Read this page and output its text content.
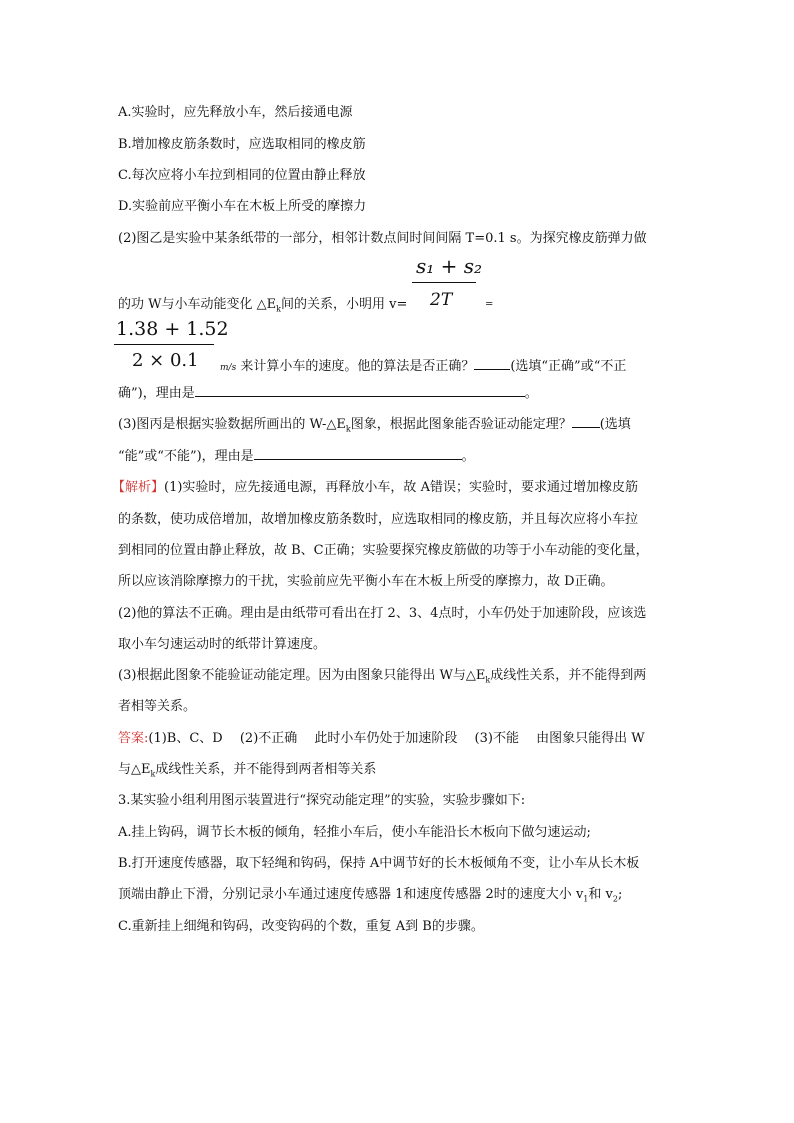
A.实验时，应先释放小车，然后接通电源
B.增加橡皮筋条数时，应选取相同的橡皮筋
C.每次应将小车拉到相同的位置由静止释放
D.实验前应平衡小车在木板上所受的摩擦力
(2)图乙是实验中某条纸带的一部分，相邻计数点间时间间隔 T=0.1 s。为探究橡皮筋弹力做
s₁ + s₂
2T
的功 W与小车动能变化 $\triangle E_k$间的关系，小明用 v=	=
1.38 + 1.52
2 × 0.1 m/s 来计算小车的速度。他的算法是否正确？	(选填“正确”或“不正
确”)，理由是	。
(3)图丙是根据实验数据所画出的 $W-\triangle E_k$图象，根据此图象能否验证动能定理？ (选填
“能”或“不能”)，理由是	。
【解析】(1)实验时，应先接通电源，再释放小车，故 A错误；实验时，要求通过增加橡皮筋
的条数，使功成倍增加，故增加橡皮筋条数时，应选取相同的橡皮筋，并且每次应将小车拉
到相同的位置由静止释放，故 B、C正确；实验要探究橡皮筋做的功等于小车动能的变化量，
所以应该消除摩擦力的干扰，实验前应先平衡小车在木板上所受的摩擦力，故 D正确。
(2)他的算法不正确。理由是由纸带可看出在打 2、3、4点时，小车仍处于加速阶段，应该选
取小车匀速运动时的纸带计算速度。
(3)根据此图象不能验证动能定理。因为由图象只能得出 W与$\triangle E_k$成线性关系，并不能得到两
者相等关系。
答案:(1)B、C、D　 (2)不正确　 此时小车仍处于加速阶段　 (3)不能　 由图象只能得出 W
与$\triangle E_k$成线性关系，并不能得到两者相等关系
3.某实验小组利用图示装置进行“探究动能定理”的实验，实验步骤如下:
A.挂上钩码，调节长木板的倾角，轻推小车后，使小车能沿长木板向下做匀速运动;
B.打开速度传感器，取下轻绳和钩码，保持 A中调节好的长木板倾角不变，让小车从长木板
顶端由静止下滑，分别记录小车通过速度传感器 1和速度传感器 2时的速度大小 $v_1$和 $v_2$;
C.重新挂上细绳和钩码，改变钩码的个数，重复 A到 B的步骤。
